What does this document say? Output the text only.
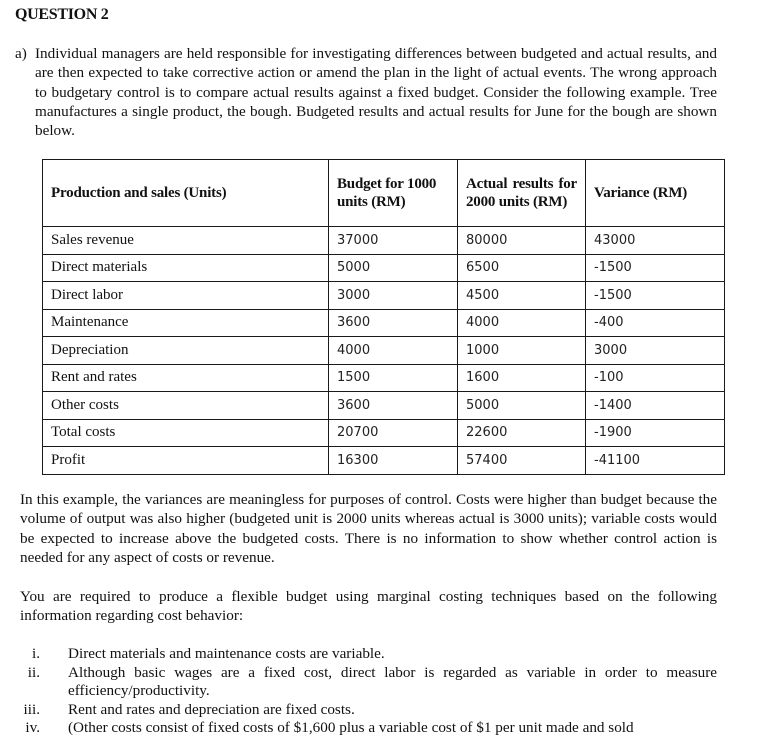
QUESTION 2
a) Individual managers are held responsible for investigating differences between budgeted and actual results, and are then expected to take corrective action or amend the plan in the light of actual events. The wrong approach to budgetary control is to compare actual results against a fixed budget. Consider the following example. Tree manufactures a single product, the bough. Budgeted results and actual results for June for the bough are shown below.
Production and sales (Units)	Budget for 1000 units (RM)	Actual results for 2000 units (RM)	Variance (RM)
Sales revenue	37000	80000	43000
Direct materials	5000	6500	-1500
Direct labor	3000	4500	-1500
Maintenance	3600	4000	-400
Depreciation	4000	1000	3000
Rent and rates	1500	1600	-100
Other costs	3600	5000	-1400
Total costs	20700	22600	-1900
Profit	16300	57400	-41100
In this example, the variances are meaningless for purposes of control. Costs were higher than budget because the volume of output was also higher (budgeted unit is 2000 units whereas actual is 3000 units); variable costs would be expected to increase above the budgeted costs. There is no information to show whether control action is needed for any aspect of costs or revenue.
You are required to produce a flexible budget using marginal costing techniques based on the following information regarding cost behavior:
i. Direct materials and maintenance costs are variable.
ii. Although basic wages are a fixed cost, direct labor is regarded as variable in order to measure efficiency/productivity.
iii. Rent and rates and depreciation are fixed costs.
iv. (Other costs consist of fixed costs of $1,600 plus a variable cost of $1 per unit made and sold
